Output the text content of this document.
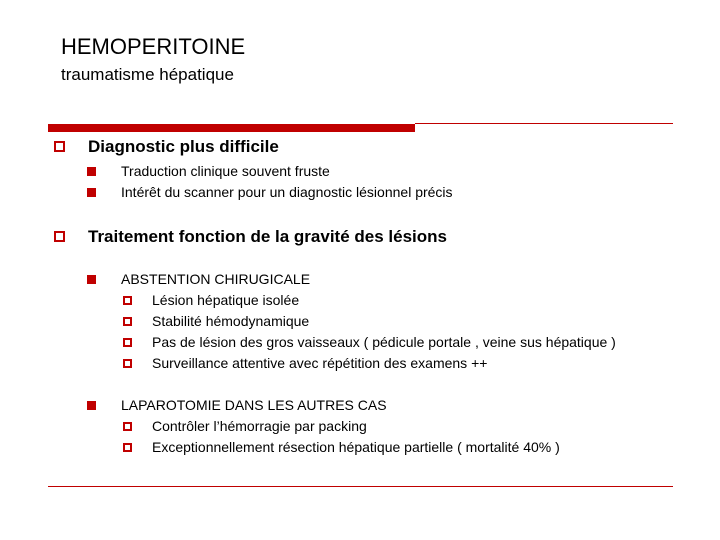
HEMOPERITOINE
traumatisme hépatique
Diagnostic plus difficile
Traduction clinique souvent fruste
Intérêt du scanner pour un diagnostic lésionnel précis
Traitement fonction de la gravité des lésions
ABSTENTION CHIRUGICALE
Lésion hépatique isolée
Stabilité hémodynamique
Pas de lésion des gros vaisseaux ( pédicule portale , veine sus hépatique )
Surveillance attentive avec répétition des examens ++
LAPAROTOMIE DANS LES AUTRES CAS
Contrôler l’hémorragie par packing
Exceptionnellement résection hépatique partielle ( mortalité 40% )
